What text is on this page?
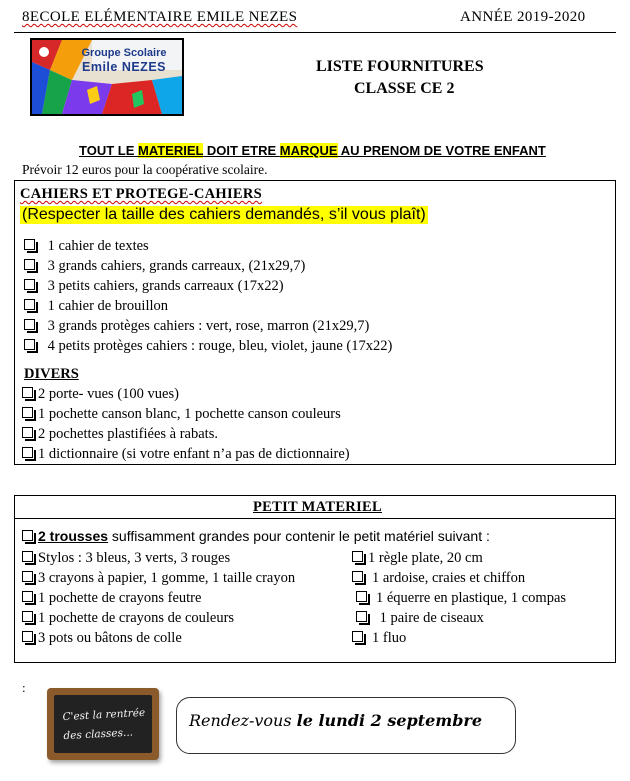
8ECOLE ELÉMENTAIRE EMILE NEZES	ANNÉE 2019-2020
Groupe Scolaire
Emile NEZES	LISTE FOURNITURES
CLASSE CE 2
TOUT LE MATERIEL DOIT ETRE MARQUE AU PRENOM DE VOTRE ENFANT
Prévoir 12 euros pour la coopérative scolaire.
CAHIERS ET PROTEGE-CAHIERS
(Respecter la taille des cahiers demandés, s’il vous plaît)
1 cahier de textes
3 grands cahiers, grands carreaux, (21x29,7)
3 petits cahiers, grands carreaux (17x22)
1 cahier de brouillon
3 grands protèges cahiers : vert, rose, marron (21x29,7)
4 petits protèges cahiers : rouge, bleu, violet, jaune (17x22)
DIVERS
2 porte- vues (100 vues)
1 pochette canson blanc, 1 pochette canson couleurs
2 pochettes plastifiées à rabats.
1 dictionnaire (si votre enfant n’a pas de dictionnaire)
PETIT MATERIEL
2 trousses suffisamment grandes pour contenir le petit matériel suivant :
Stylos : 3 bleus, 3 verts, 3 rouges
3 crayons à papier, 1 gomme, 1 taille crayon
1 pochette de crayons feutre
1 pochette de crayons de couleurs
3 pots ou bâtons de colle
1 règle plate, 20 cm
1 ardoise, craies et chiffon
1 équerre en plastique, 1 compas
1 paire de ciseaux
1 fluo
:
C'est la rentrée
des classes...
Rendez-vous le lundi 2 septembre
